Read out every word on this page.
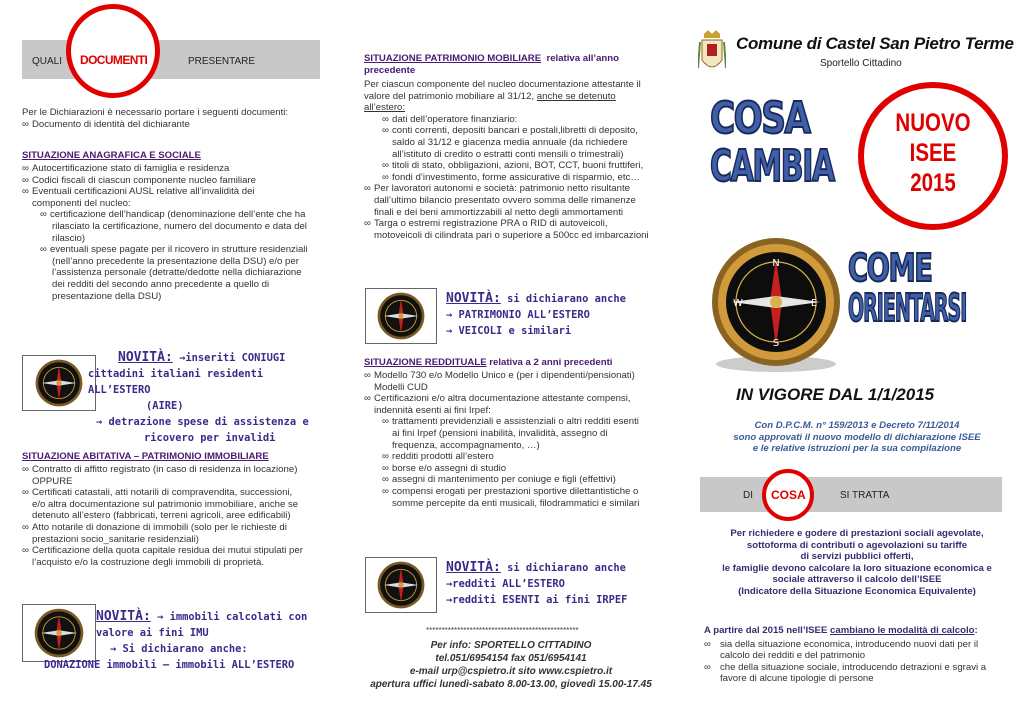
QUALI	PRESENTARE
DOCUMENTI
Per le Dichiarazioni è necessario portare i seguenti documenti:
∞ Documento di identità del dichiarante
SITUAZIONE ANAGRAFICA E SOCIALE
∞ Autocertificazione stato di famiglia e residenza
∞ Codici fiscali di ciascun componente nucleo familiare
∞ Eventuali certificazioni AUSL relative all’invalidità dei
componenti del nucleo:
∞ certificazione dell’handicap (denominazione dell’ente che ha
rilasciato la certificazione, numero del documento e data del
rilascio)
∞ eventuali spese pagate per il ricovero in strutture residenziali
(nell’anno precedente la presentazione della DSU) e/o per
l’assistenza personale (detratte/dedotte nella dichiarazione
dei redditi del secondo anno precedente a quello di
presentazione della DSU)
NOVITÀ: →inseriti CONIUGI
cittadini italiani residenti ALL’ESTERO
(AIRE)
→ detrazione spese di assistenza e
ricovero per invalidi
SITUAZIONE ABITATIVA – PATRIMONIO IMMOBILIARE
∞ Contratto di affitto registrato (in caso di residenza in locazione)
OPPURE
∞ Certificati catastali, atti notarili di compravendita, successioni,
e/o altra documentazione sul patrimonio immobiliare, anche se
detenuto all’estero (fabbricati, terreni agricoli, aree edificabili)
∞ Atto notarile di donazione di immobili (solo per le richieste di
prestazioni socio_sanitarie residenziali)
∞ Certificazione della quota capitale residua dei mutui stipulati per
l’acquisto e/o la costruzione degli immobili di proprietà.
NOVITÀ: → immobili calcolati con
valore ai fini IMU
→ Si dichiarano anche:
DONAZIONE immobili – immobili ALL’ESTERO
SITUAZIONE PATRIMONIO MOBILIARE relativa all’anno
precedente
Per ciascun componente del nucleo documentazione attestante il
valore del patrimonio mobiliare al 31/12, anche se detenuto
all’estero:
∞ dati dell’operatore finanziario:
∞ conti correnti, depositi bancari e postali,libretti di deposito,
saldo al 31/12 e giacenza media annuale (da richiedere
all’istituto di credito o estratti conti mensili o trimestrali)
∞ titoli di stato, obbligazioni, azioni, BOT, CCT, buoni fruttiferi,
∞ fondi d’investimento, forme assicurative di risparmio, etc…
∞ Per lavoratori autonomi e società: patrimonio netto risultante
dall’ultimo bilancio presentato ovvero somma delle rimanenze
finali e dei beni ammortizzabili al netto degli ammortamenti
∞ Targa o estremi registrazione PRA o RID di autoveicoli,
motoveicoli di cilindrata pari o superiore a 500cc ed imbarcazioni
NOVITÀ: si dichiarano anche
→ PATRIMONIO ALL’ESTERO
→ VEICOLI e similari
SITUAZIONE REDDITUALE relativa a 2 anni precedenti
∞ Modello 730 e/o Modello Unico e (per i dipendenti/pensionati)
Modelli CUD
∞ Certificazioni e/o altra documentazione attestante compensi,
indennità esenti ai fini Irpef:
∞ trattamenti previdenziali e assistenziali o altri redditi esenti
ai fini Irpef (pensioni inabilità, invalidità, assegno di
frequenza, accompagnamento, …)
∞ redditi prodotti all’estero
∞ borse e/o assegni di studio
∞ assegni di mantenimento per coniuge e figli (effettivi)
∞ compensi erogati per prestazioni sportive dilettantistiche o
somme percepite da enti musicali, filodrammatici e similari
NOVITÀ: si dichiarano anche
→redditi ALL’ESTERO
→redditi ESENTI ai fini IRPEF
*************************************************
Per info: SPORTELLO CITTADINO
tel.051/6954154 fax 051/6954141
e-mail urp@cspietro.it sito www.cspietro.it
apertura uffici lunedì-sabato 8.00-13.00, giovedì 15.00-17.45
Comune di Castel San Pietro Terme
Sportello Cittadino
COSA
CAMBIA
NUOVO
ISEE
2015
N
S
W	E
COME
ORIENTARSI
IN VIGORE DAL 1/1/2015
Con D.P.C.M. n° 159/2013 e Decreto 7/11/2014
sono approvati il nuovo modello di dichiarazione ISEE
e le relative istruzioni per la sua compilazione
DI	SI TRATTA
COSA
Per richiedere e godere di prestazioni sociali agevolate,
sottoforma di contributi o agevolazioni su tariffe
di servizi pubblici offerti,
le famiglie devono calcolare la loro situazione economica e
sociale attraverso il calcolo dell’ISEE
(Indicatore della Situazione Economica Equivalente)
A partire dal 2015 nell’ISEE cambiano le modalità di calcolo:
∞ sia della situazione economica, introducendo nuovi dati per il
calcolo dei redditi e del patrimonio
∞ che della situazione sociale, introducendo detrazioni e sgravi a
favore di alcune tipologie di persone
